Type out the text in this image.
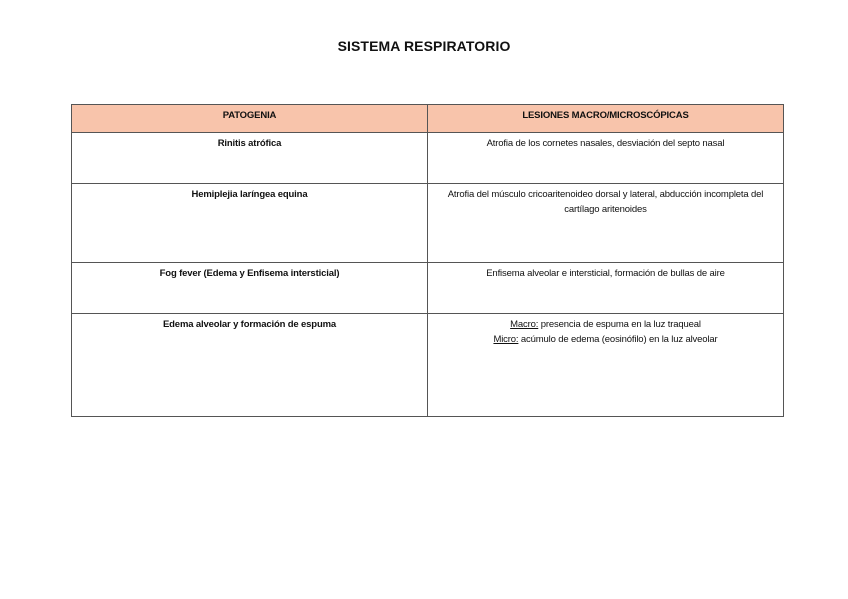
SISTEMA RESPIRATORIO
PATOGENIA	LESIONES MACRO/MICROSCÓPICAS
Rinitis atrófica	Atrofia de los cornetes nasales, desviación del septo nasal
Hemiplejia laríngea equina	Atrofia del músculo cricoaritenoideo dorsal y lateral, abducción incompleta del cartílago aritenoides
Fog fever (Edema y Enfisema intersticial)	Enfisema alveolar e intersticial, formación de bullas de aire
Edema alveolar y formación de espuma	Macro: presencia de espuma en la luz traqueal
Micro: acúmulo de edema (eosinófilo) en la luz alveolar
